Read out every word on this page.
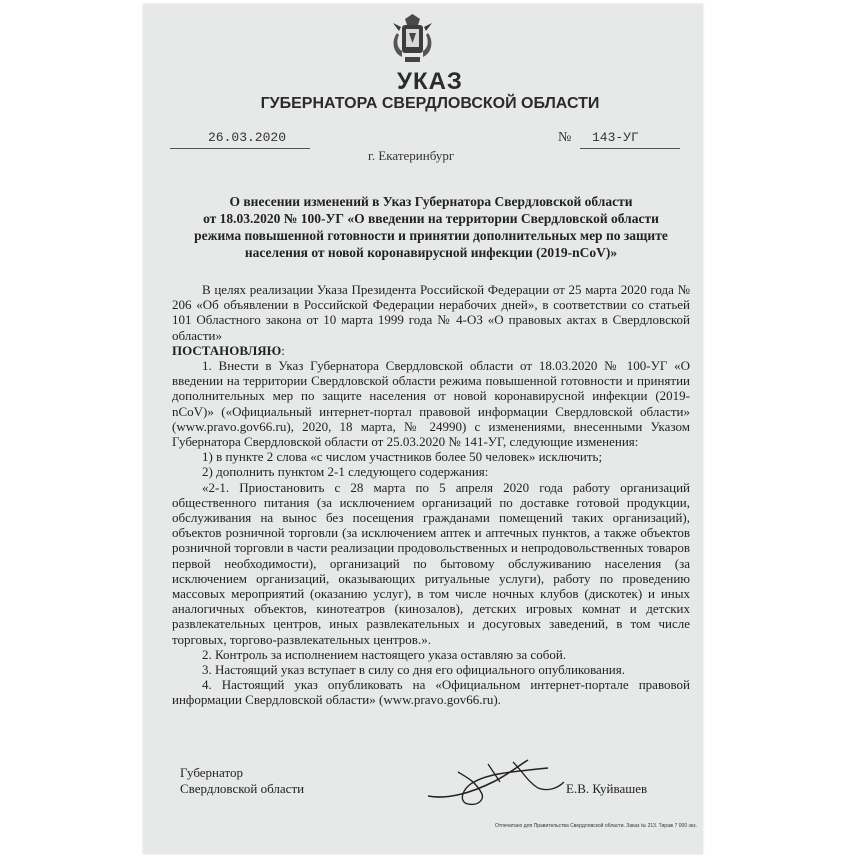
УКАЗ
ГУБЕРНАТОРА СВЕРДЛОВСКОЙ ОБЛАСТИ
26.03.2020	№ 143-УГ
г. Екатеринбург
О внесении изменений в Указ Губернатора Свердловской области
от 18.03.2020 № 100-УГ «О введении на территории Свердловской области
режима повышенной готовности и принятии дополнительных мер по защите
населения от новой коронавирусной инфекции (2019-nCoV)»

В целях реализации Указа Президента Российской Федерации от 25 марта 2020 года № 206 «Об объявлении в Российской Федерации нерабочих дней», в соответствии со статьей 101 Областного закона от 10 марта 1999 года № 4-ОЗ «О правовых актах в Свердловской области»

ПОСТАНОВЛЯЮ:

1. Внести в Указ Губернатора Свердловской области от 18.03.2020 № 100-УГ «О введении на территории Свердловской области режима повышенной готовности и принятии дополнительных мер по защите населения от новой коронавирусной инфекции (2019-nCoV)» («Официальный интернет-портал правовой информации Свердловской области» (www.pravo.gov66.ru), 2020, 18 марта, № 24990) с изменениями, внесенными Указом Губернатора Свердловской области от 25.03.2020 № 141-УГ, следующие изменения:

1) в пункте 2 слова «с числом участников более 50 человек» исключить;

2) дополнить пунктом 2-1 следующего содержания:

«2-1. Приостановить с 28 марта по 5 апреля 2020 года работу организаций общественного питания (за исключением организаций по доставке готовой продукции, обслуживания на вынос без посещения гражданами помещений таких организаций), объектов розничной торговли (за исключением аптек и аптечных пунктов, а также объектов розничной торговли в части реализации продовольственных и непродовольственных товаров первой необходимости), организаций по бытовому обслуживанию населения (за исключением организаций, оказывающих ритуальные услуги), работу по проведению массовых мероприятий (оказанию услуг), в том числе ночных клубов (дискотек) и иных аналогичных объектов, кинотеатров (кинозалов), детских игровых комнат и детских развлекательных центров, иных развлекательных и досуговых заведений, в том числе торговых, торгово-развлекательных центров.».

2. Контроль за исполнением настоящего указа оставляю за собой.

3. Настоящий указ вступает в силу со дня его официального опубликования.

4. Настоящий указ опубликовать на «Официальном интернет-портале правовой информации Свердловской области» (www.pravo.gov66.ru).

Губернатор
Свердловской области	Е.В. Куйвашев
Отпечатано для Правительства Свердловской области. Заказ № 213. Тираж 7 000 экз.
